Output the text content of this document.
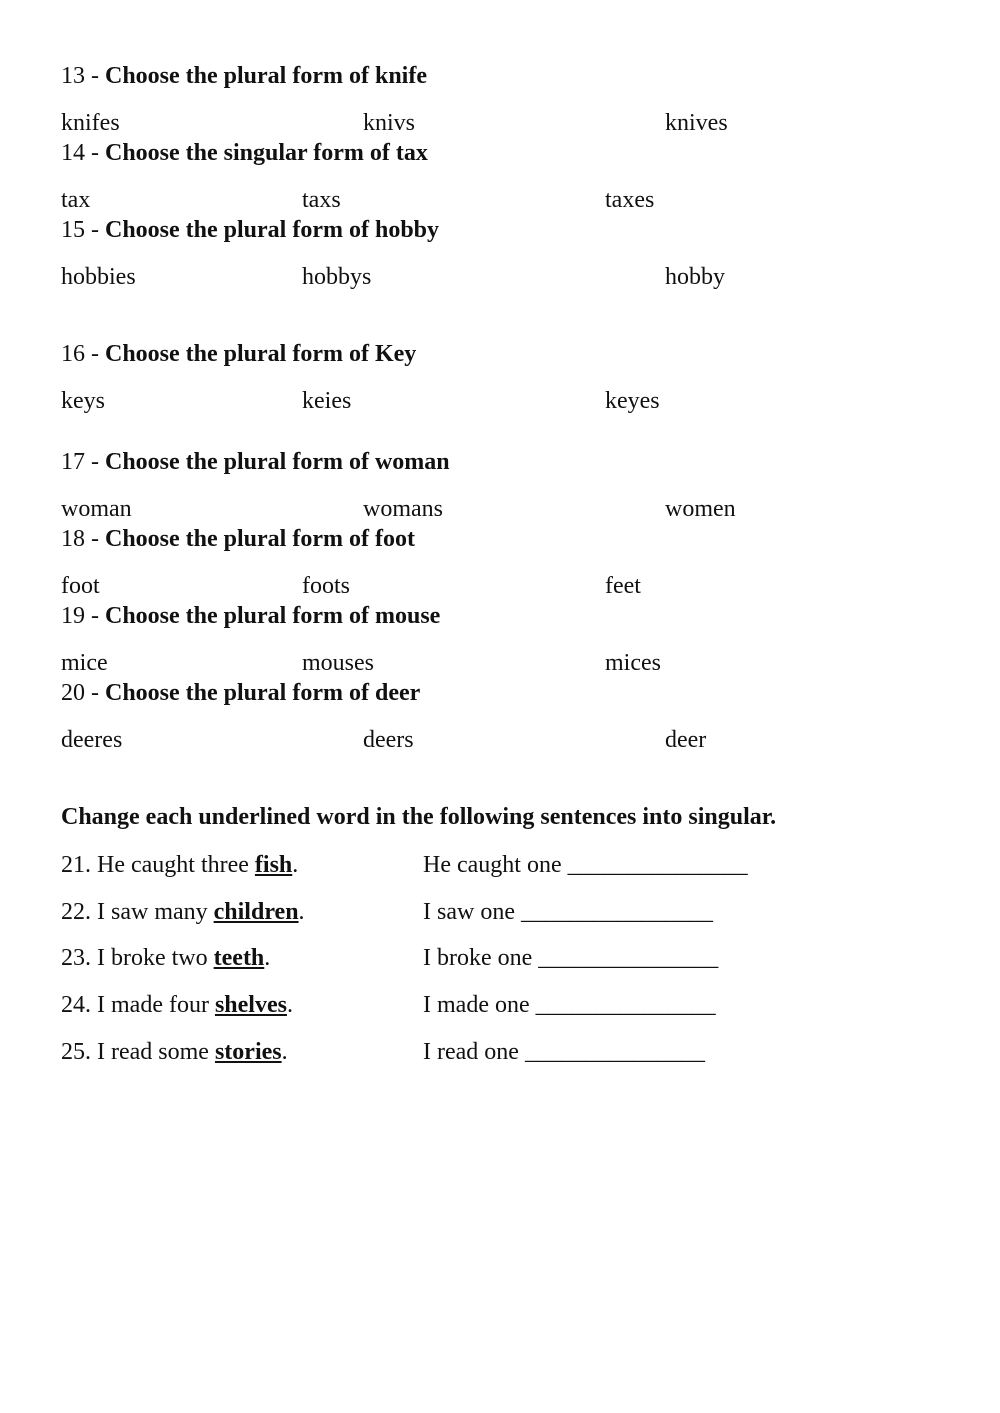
13 - Choose the plural form of knife
knifes	knivs	knives
14 - Choose the singular form of tax
tax	taxs	taxes
15 - Choose the plural form of hobby
hobbies	hobbys	hobby
16 - Choose the plural form of Key
keys	keies	keyes
17 - Choose the plural form of woman
woman	womans	women
18 - Choose the plural form of foot
foot	foots	feet
19 - Choose the plural form of mouse
mice	mouses	mices
20 - Choose the plural form of deer
deeres	deers	deer
Change each underlined word in the following sentences into singular.
21. He caught three fish.	He caught one _______________
22. I saw many children.	I saw one ________________
23. I broke two teeth.	I broke one _______________
24. I made four shelves.	I made one _______________
25. I read some stories.	I read one _______________
